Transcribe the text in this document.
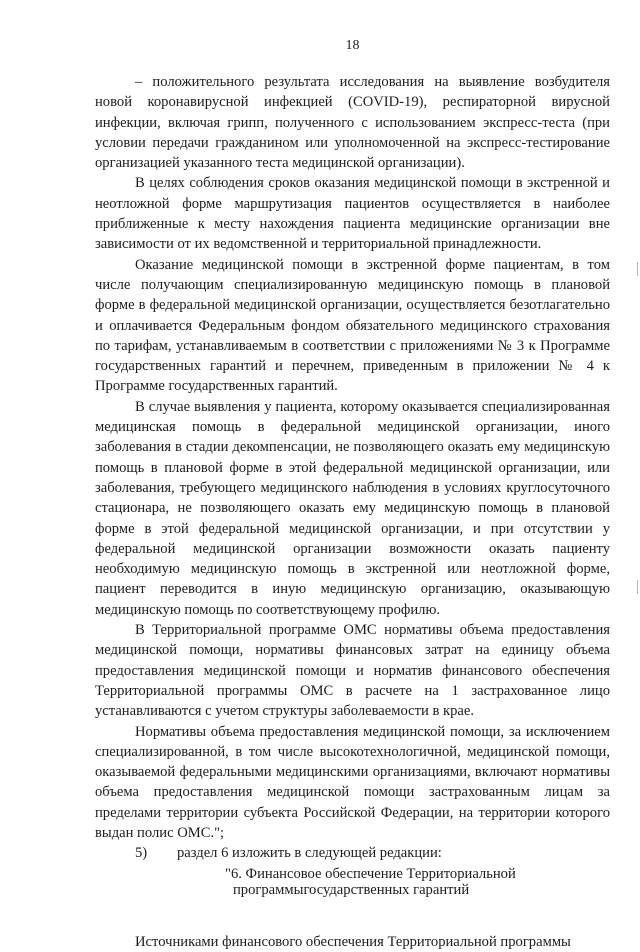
18

– положительного результата исследования на выявление возбудителя новой коронавирусной инфекцией (COVID-19), респираторной вирусной инфекции, включая грипп, полученного с использованием экспресс-теста (при условии передачи гражданином или уполномоченной на экспресс-тестирование организацией указанного теста медицинской организации).

В целях соблюдения сроков оказания медицинской помощи в экстренной и неотложной форме маршрутизация пациентов осуществляется в наиболее приближенные к месту нахождения пациента медицинские организации вне зависимости от их ведомственной и территориальной принадлежности.

Оказание медицинской помощи в экстренной форме пациентам, в том числе получающим специализированную медицинскую помощь в плановой форме в федеральной медицинской организации, осуществляется безотлагательно и оплачивается Федеральным фондом обязательного медицинского страхования по тарифам, устанавливаемым в соответствии с приложениями № 3 к Программе государственных гарантий и перечнем, приведенным в приложении № 4 к Программе государственных гарантий.

В случае выявления у пациента, которому оказывается специализированная медицинская помощь в федеральной медицинской организации, иного заболевания в стадии декомпенсации, не позволяющего оказать ему медицинскую помощь в плановой форме в этой федеральной медицинской организации, или заболевания, требующего медицинского наблюдения в условиях круглосуточного стационара, не позволяющего оказать ему медицинскую помощь в плановой форме в этой федеральной медицинской организации, и при отсутствии у федеральной медицинской организации возможности оказать пациенту необходимую медицинскую помощь в экстренной или неотложной форме, пациент переводится в иную медицинскую организацию, оказывающую медицинскую помощь по соответствующему профилю.

В Территориальной программе ОМС нормативы объема предоставления медицинской помощи, нормативы финансовых затрат на единицу объема предоставления медицинской помощи и норматив финансового обеспечения Территориальной программы ОМС в расчете на 1 застрахованное лицо устанавливаются с учетом структуры заболеваемости в крае.

Нормативы объема предоставления медицинской помощи, за исключением специализированной, в том числе высокотехнологичной, медицинской помощи, оказываемой федеральными медицинскими организациями, включают нормативы объема предоставления медицинской помощи застрахованным лицам за пределами территории субъекта Российской Федерации, на территории которого выдан полис ОМС.";

5) раздел 6 изложить в следующей редакции:

"6. Финансовое обеспечение Территориальной
программыгосударственных гарантий

Источниками финансового обеспечения Территориальной программы
